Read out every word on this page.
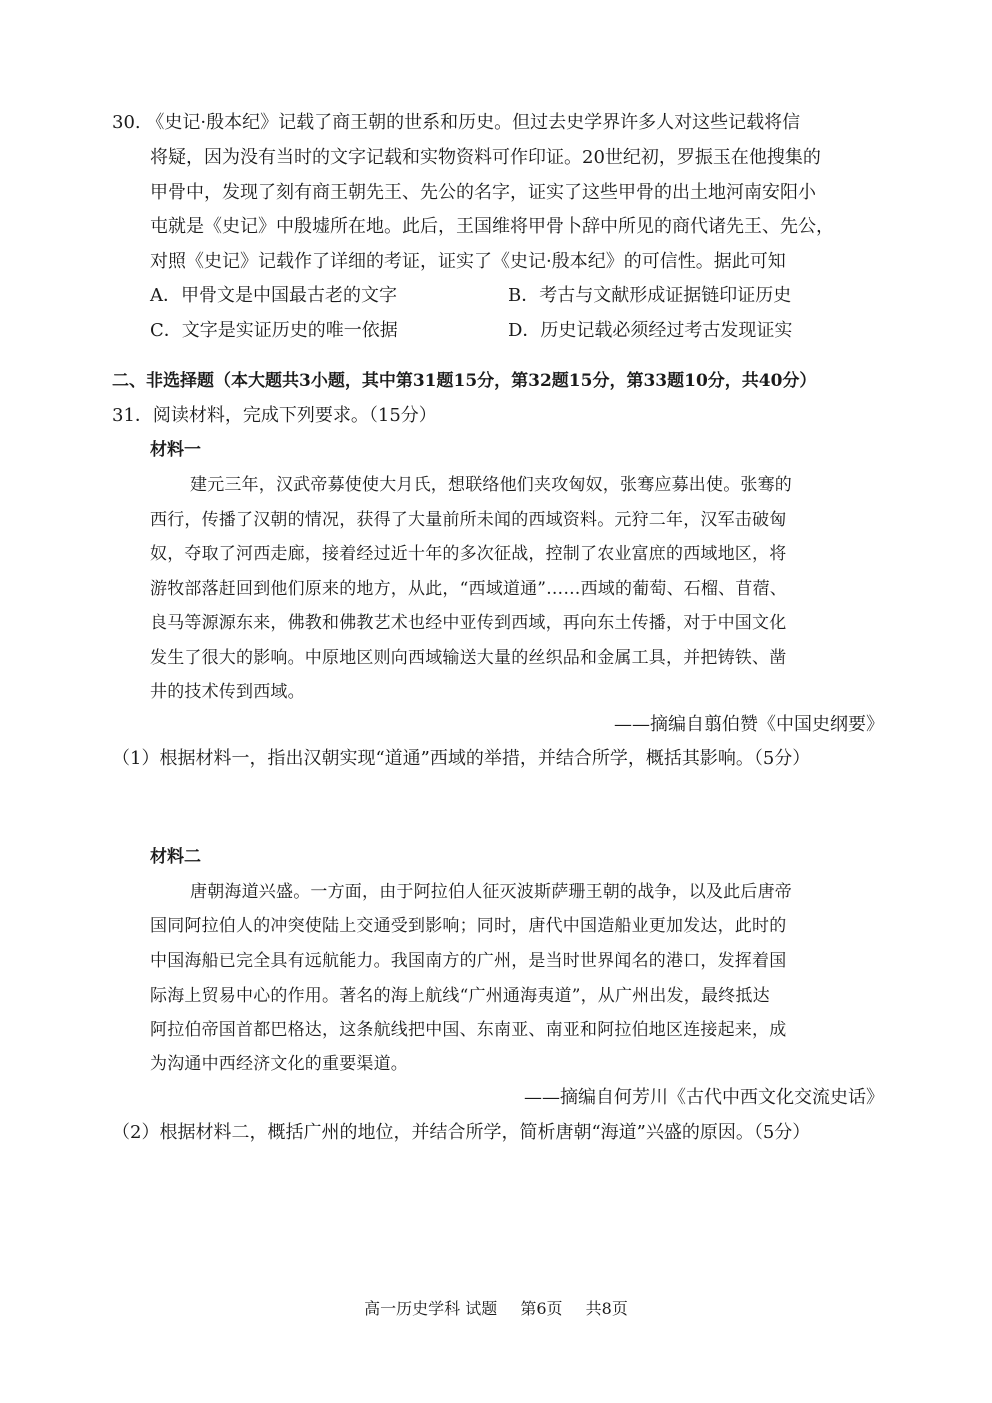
30. 《史记·殷本纪》记载了商王朝的世系和历史。但过去史学界许多人对这些记载将信
将疑，因为没有当时的文字记载和实物资料可作印证。20世纪初，罗振玉在他搜集的
甲骨中，发现了刻有商王朝先王、先公的名字，证实了这些甲骨的出土地河南安阳小
屯就是《史记》中殷墟所在地。此后，王国维将甲骨卜辞中所见的商代诸先王、先公，
对照《史记》记载作了详细的考证，证实了《史记·殷本纪》的可信性。据此可知
A．甲骨文是中国最古老的文字	B．考古与文献形成证据链印证历史
C．文字是实证历史的唯一依据	D．历史记载必须经过考古发现证实
二、非选择题（本大题共3小题，其中第31题15分，第32题15分，第33题10分，共40分）
31．阅读材料，完成下列要求。（15分）
材料一
建元三年，汉武帝募使使大月氏，想联络他们夹攻匈奴，张骞应募出使。张骞的
西行，传播了汉朝的情况，获得了大量前所未闻的西域资料。元狩二年，汉军击破匈
奴，夺取了河西走廊，接着经过近十年的多次征战，控制了农业富庶的西域地区，将
游牧部落赶回到他们原来的地方，从此，“西域道通”……西域的葡萄、石榴、苜蓿、
良马等源源东来，佛教和佛教艺术也经中亚传到西域，再向东土传播，对于中国文化
发生了很大的影响。中原地区则向西域输送大量的丝织品和金属工具，并把铸铁、凿
井的技术传到西域。
——摘编自翦伯赞《中国史纲要》
（1）根据材料一，指出汉朝实现“道通”西域的举措，并结合所学，概括其影响。（5分）
材料二
唐朝海道兴盛。一方面，由于阿拉伯人征灭波斯萨珊王朝的战争，以及此后唐帝
国同阿拉伯人的冲突使陆上交通受到影响；同时，唐代中国造船业更加发达，此时的
中国海船已完全具有远航能力。我国南方的广州，是当时世界闻名的港口，发挥着国
际海上贸易中心的作用。著名的海上航线“广州通海夷道”，从广州出发，最终抵达
阿拉伯帝国首都巴格达，这条航线把中国、东南亚、南亚和阿拉伯地区连接起来，成
为沟通中西经济文化的重要渠道。
——摘编自何芳川《古代中西文化交流史话》
（2）根据材料二，概括广州的地位，并结合所学，简析唐朝“海道”兴盛的原因。（5分）
高一历史学科 试题 第6页 共8页
